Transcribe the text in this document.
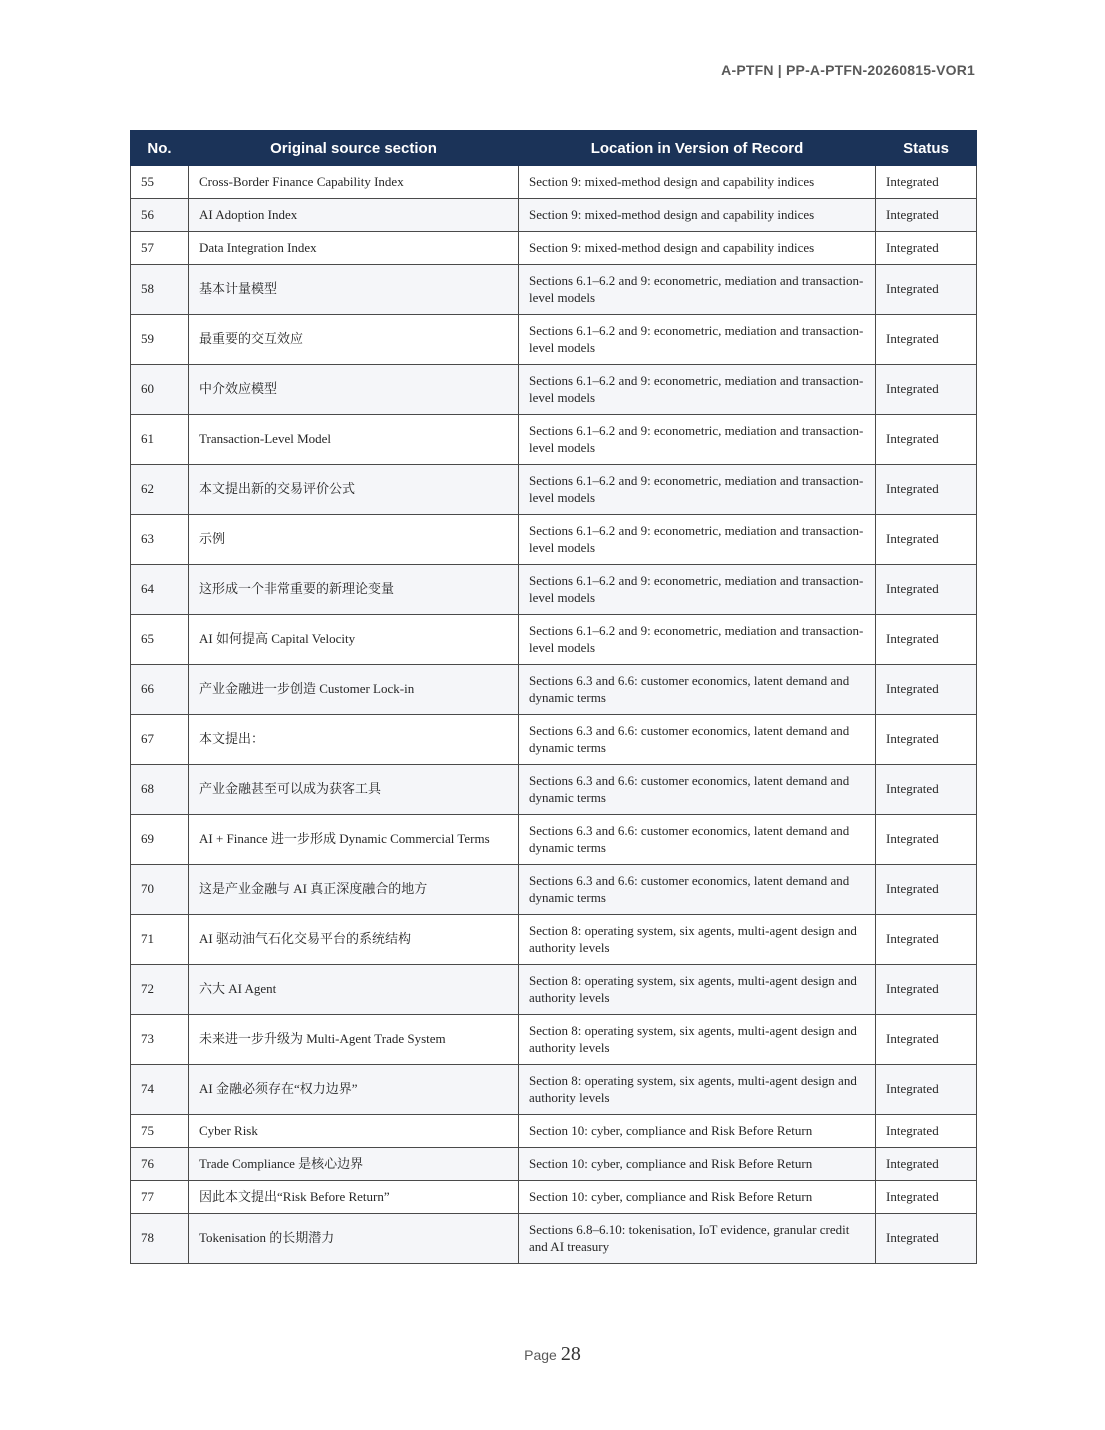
A-PTFN | PP-A-PTFN-20260815-VOR1
No.	Original source section	Location in Version of Record	Status
55	Cross-Border Finance Capability Index	Section 9: mixed-method design and capability indices	Integrated
56	AI Adoption Index	Section 9: mixed-method design and capability indices	Integrated
57	Data Integration Index	Section 9: mixed-method design and capability indices	Integrated
58	基本计量模型	Sections 6.1–6.2 and 9: econometric, mediation and transaction-level models	Integrated
59	最重要的交互效应	Sections 6.1–6.2 and 9: econometric, mediation and transaction-level models	Integrated
60	中介效应模型	Sections 6.1–6.2 and 9: econometric, mediation and transaction-level models	Integrated
61	Transaction-Level Model	Sections 6.1–6.2 and 9: econometric, mediation and transaction-level models	Integrated
62	本文提出新的交易评价公式	Sections 6.1–6.2 and 9: econometric, mediation and transaction-level models	Integrated
63	示例	Sections 6.1–6.2 and 9: econometric, mediation and transaction-level models	Integrated
64	这形成一个非常重要的新理论变量	Sections 6.1–6.2 and 9: econometric, mediation and transaction-level models	Integrated
65	AI 如何提高 Capital Velocity	Sections 6.1–6.2 and 9: econometric, mediation and transaction-level models	Integrated
66	产业金融进一步创造 Customer Lock-in	Sections 6.3 and 6.6: customer economics, latent demand and dynamic terms	Integrated
67	本文提出：	Sections 6.3 and 6.6: customer economics, latent demand and dynamic terms	Integrated
68	产业金融甚至可以成为获客工具	Sections 6.3 and 6.6: customer economics, latent demand and dynamic terms	Integrated
69	AI + Finance 进一步形成 Dynamic Commercial Terms	Sections 6.3 and 6.6: customer economics, latent demand and dynamic terms	Integrated
70	这是产业金融与 AI 真正深度融合的地方	Sections 6.3 and 6.6: customer economics, latent demand and dynamic terms	Integrated
71	AI 驱动油气石化交易平台的系统结构	Section 8: operating system, six agents, multi-agent design and authority levels	Integrated
72	六大 AI Agent	Section 8: operating system, six agents, multi-agent design and authority levels	Integrated
73	未来进一步升级为 Multi-Agent Trade System	Section 8: operating system, six agents, multi-agent design and authority levels	Integrated
74	AI 金融必须存在“权力边界”	Section 8: operating system, six agents, multi-agent design and authority levels	Integrated
75	Cyber Risk	Section 10: cyber, compliance and Risk Before Return	Integrated
76	Trade Compliance 是核心边界	Section 10: cyber, compliance and Risk Before Return	Integrated
77	因此本文提出“Risk Before Return”	Section 10: cyber, compliance and Risk Before Return	Integrated
78	Tokenisation 的长期潜力	Sections 6.8–6.10: tokenisation, IoT evidence, granular credit and AI treasury	Integrated
Page 28
